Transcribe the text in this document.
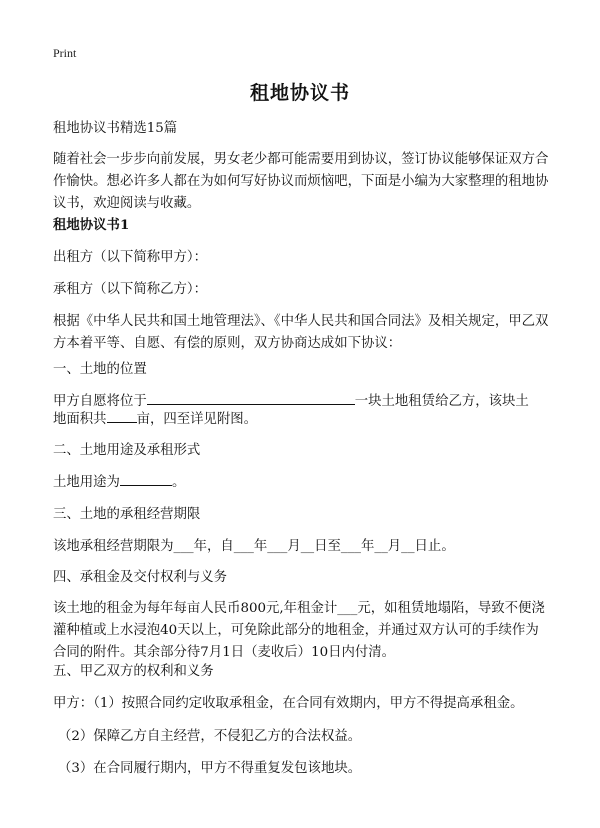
Print
租地协议书
租地协议书精选15篇
随着社会一步步向前发展，男女老少都可能需要用到协议，签订协议能够保证双方合作愉快。想必许多人都在为如何写好协议而烦恼吧，下面是小编为大家整理的租地协议书，欢迎阅读与收藏。
租地协议书1
出租方（以下简称甲方）：
承租方（以下简称乙方）：
根据《中华人民共和国土地管理法》、《中华人民共和国合同法》及相关规定，甲乙双方本着平等、自愿、有偿的原则，双方协商达成如下协议：
一、土地的位置
甲方自愿将位于	一块土地租赁给乙方，该块土
地面积共 亩，四至详见附图。
二、土地用途及承租形式
土地用途为	。
三、土地的承租经营期限
该地承租经营期限为___年，自___年___月__日至___年__月__日止。
四、承租金及交付权利与义务
该土地的租金为每年每亩人民币800元,年租金计___元，如租赁地塌陷，导致不便浇灌种植或上水浸泡40天以上，可免除此部分的地租金，并通过双方认可的手续作为合同的附件。其余部分待7月1日（麦收后）10日内付清。
五、甲乙双方的权利和义务
甲方：（1）按照合同约定收取承租金，在合同有效期内，甲方不得提高承租金。
（2）保障乙方自主经营，不侵犯乙方的合法权益。
（3）在合同履行期内，甲方不得重复发包该地块。
